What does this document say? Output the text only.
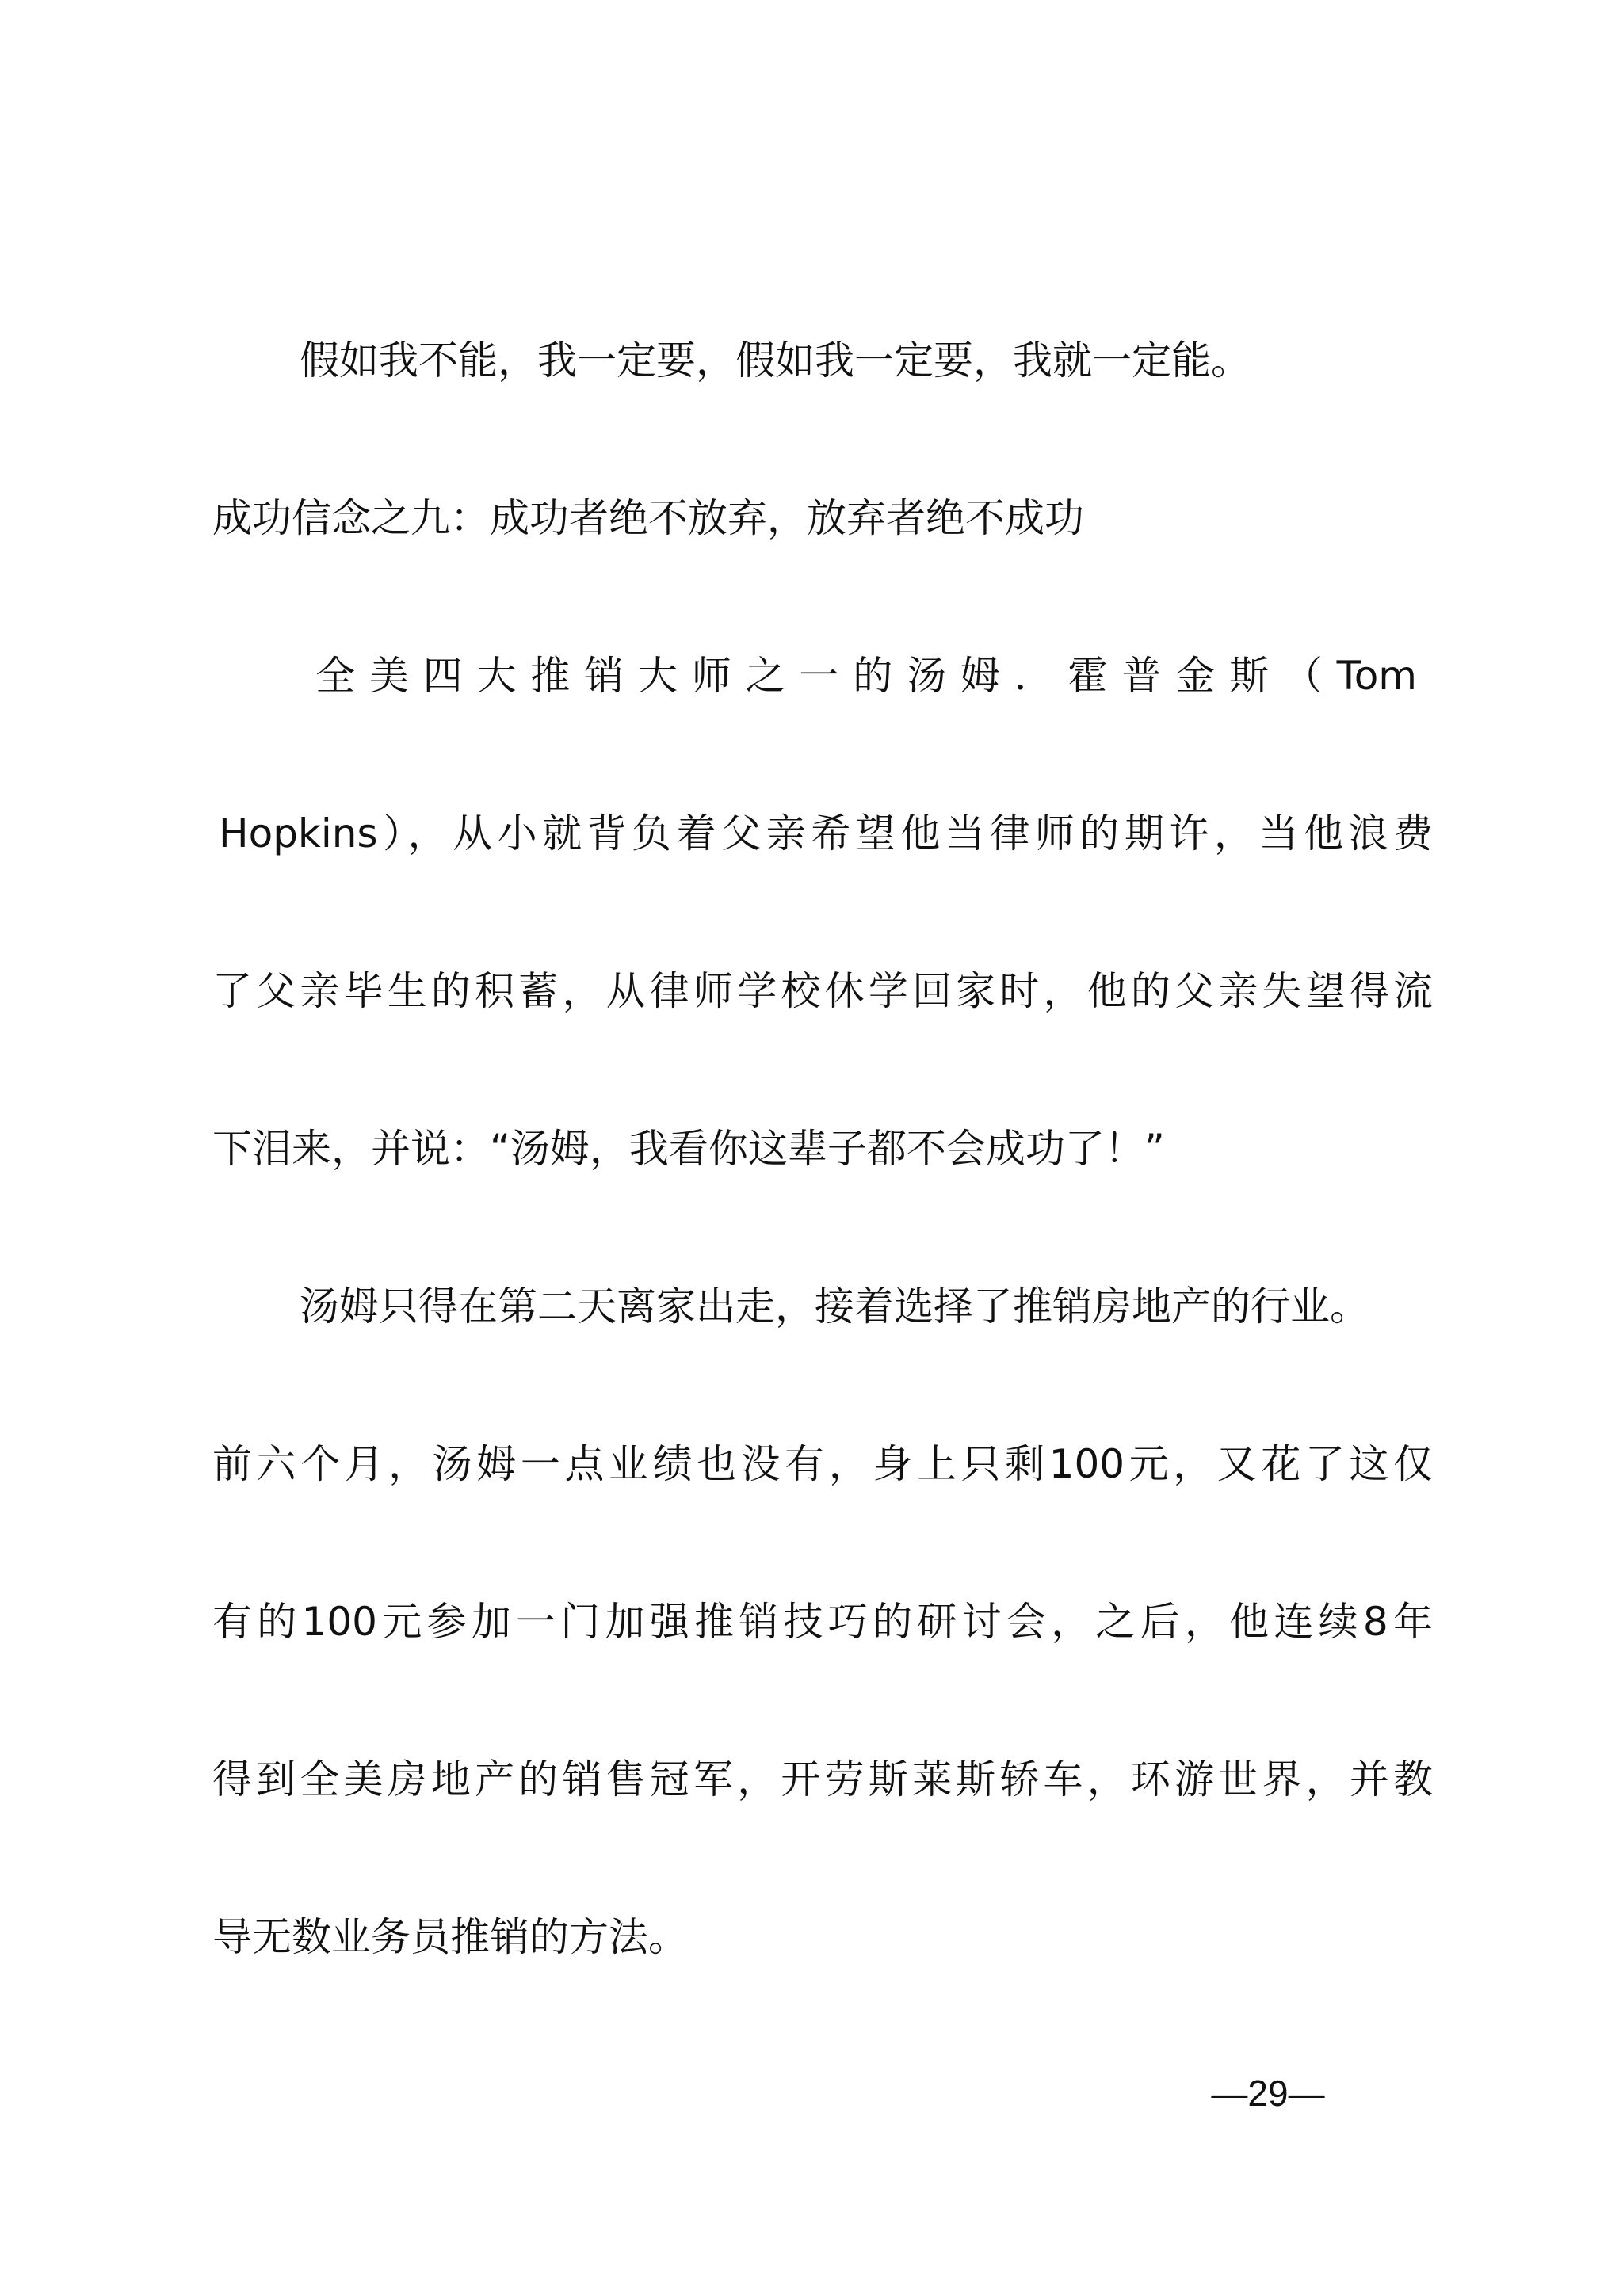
假如我不能，我一定要，假如我一定要，我就一定能。
成功信念之九：成功者绝不放弃，放弃者绝不成功
全美四大推销大师之一的汤姆．霍普金斯（Tom
Hopkins），从小就背负着父亲希望他当律师的期许，当他浪费
了父亲毕生的积蓄，从律师学校休学回家时，他的父亲失望得流
下泪来，并说：“汤姆，我看你这辈子都不会成功了！”
汤姆只得在第二天离家出走，接着选择了推销房地产的行业。
前六个月，汤姆一点业绩也没有，身上只剩100元，又花了这仅
有的100元参加一门加强推销技巧的研讨会，之后，他连续8年
得到全美房地产的销售冠军，开劳斯莱斯轿车，环游世界，并教
导无数业务员推销的方法。
—29—
